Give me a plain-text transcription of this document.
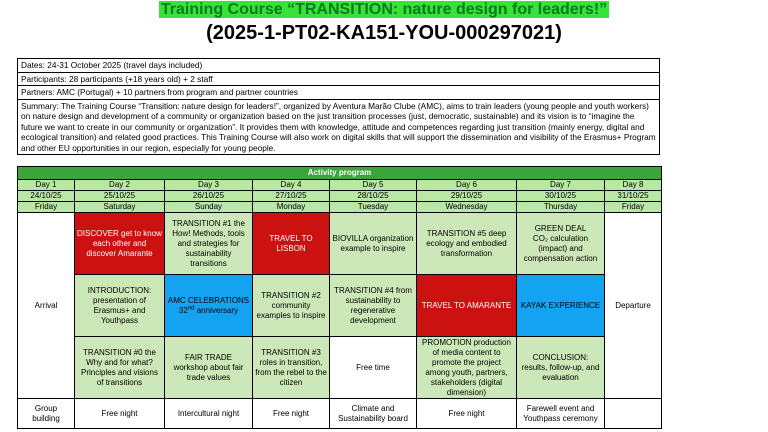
Training Course “TRANSITION: nature design for leaders!”
(2025-1-PT02-KA151-YOU-000297021)
Dates: 24-31 October 2025 (travel days included)
Participants: 28 participants (+18 years old) + 2 staff
Partners: AMC (Portugal) + 10 partners from program and partner countries
Summary: The Training Course “Transition: nature design for leaders!”, organized by Aventura Marão Clube (AMC), aims to train leaders (young people and youth workers) on nature design and development of a community or organization based on the just transition processes (just, democratic, sustainable) and its vision is to “imagine the future we want to create in our community or organization”. It provides them with knowledge, attitude and competences regarding just transition (mainly energy, digital and ecological transition) and related good practices. This Training Course will also work on digital skills that will support the dissemination and visibility of the Erasmus+ Program and other EU opportunities in our region, especially for young people.
Activity program							
Day 1	Day 2	Day 3	Day 4	Day 5	Day 6	Day 7	Day 8
24/10/25	25/10/25	26/10/25	27/10/25	28/10/25	29/10/25	30/10/25	31/10/25
Friday	Saturday	Sunday	Monday	Tuesday	Wednesday	Thursday	Friday
Arrival	DISCOVER get to know each other and discover Amarante	TRANSITION #1 the How! Methods, tools and strategies for sustainability transitions	TRAVEL TO LISBON	BIOVILLA organization example to inspire	TRANSITION #5 deep ecology and embodied transformation	GREEN DEAL
CO₂ calculation (impact) and compensation action	Departure
	INTRODUCTION: presentation of Erasmus+ and Youthpass	AMC CELEBRATIONS
32nd anniversary	TRANSITION #2 community examples to inspire	TRANSITION #4 from sustainability to regenerative development	TRAVEL TO AMARANTE	KAYAK EXPERIENCE	
	TRANSITION #0 the Why and for what? Principles and visions of transitions	FAIR TRADE workshop about fair trade values	TRANSITION #3 roles in transition, from the rebel to the citizen	Free time	PROMOTION production of media content to promote the project among youth, partners, stakeholders (digital dimension)	CONCLUSION: results, follow-up, and evaluation	
Group building	Free night	Intercultural night	Free night	Climate and Sustainability board	Free night	Farewell event and Youthpass ceremony	
